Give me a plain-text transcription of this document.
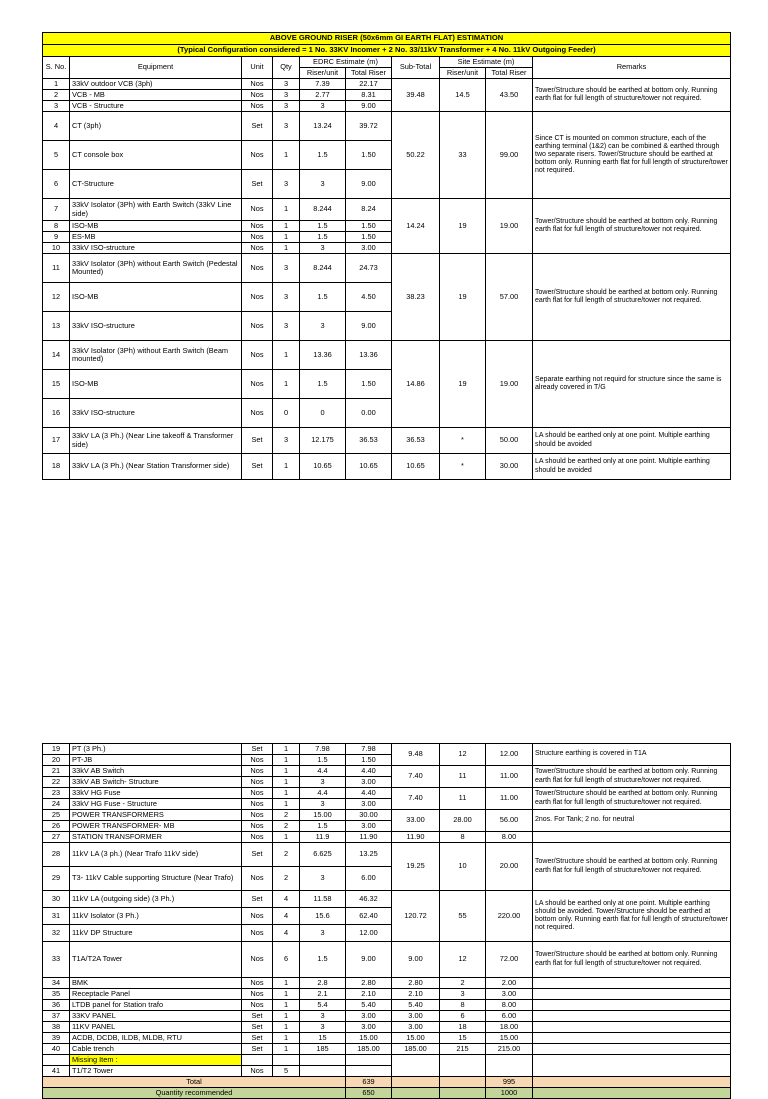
ABOVE GROUND RISER (50x6mm GI EARTH FLAT) ESTIMATION									
(Typical Configuration considered = 1 No. 33KV Incomer + 2 No. 33/11kV Transformer + 4 No. 11kV Outgoing Feeder)									
S. No.	Equipment	Unit	Qty	EDRC Estimate (m)		Sub-Total	Site Estimate (m)		Remarks
				Riser/unit	Total Riser		Riser/unit	Total Riser	
1	33kV outdoor VCB (3ph)	Nos	3	7.39	22.17	39.48	14.5	43.50	Tower/Structure should be earthed at bottom only. Running earth flat for full length of structure/tower not required.
2	VCB - MB	Nos	3	2.77	8.31				
3	VCB - Structure	Nos	3	3	9.00				
4	CT (3ph)	Set	3	13.24	39.72	50.22	33	99.00	Since CT is mounted on common structure, each of the earthing terminal (1&2) can be combined & earthed through two separate risers. Tower/Structure should be earthed at bottom only. Running earth flat for full length of structure/tower not required.
5	CT console box	Nos	1	1.5	1.50				
6	CT-Structure	Set	3	3	9.00				
7	33kV Isolator (3Ph) with Earth Switch (33kV Line side)	Nos	1	8.244	8.24	14.24	19	19.00	Tower/Structure should be earthed at bottom only. Running earth flat for full length of structure/tower not required.
8	ISO-MB	Nos	1	1.5	1.50				
9	ES-MB	Nos	1	1.5	1.50				
10	33kV ISO-structure	Nos	1	3	3.00				
11	33kV Isolator (3Ph) without Earth Switch (Pedestal Mounted)	Nos	3	8.244	24.73	38.23	19	57.00	Tower/Structure should be earthed at bottom only. Running earth flat for full length of structure/tower not required.
12	ISO-MB	Nos	3	1.5	4.50				
13	33kV ISO-structure	Nos	3	3	9.00				
14	33kV Isolator (3Ph) without Earth Switch (Beam mounted)	Nos	1	13.36	13.36	14.86	19	19.00	Separate earthing not requird for structure since the same is already covered in T/G
15	ISO-MB	Nos	1	1.5	1.50				
16	33kV ISO-structure	Nos	0	0	0.00				
17	33kV LA (3 Ph.) (Near Line takeoff & Transformer side)	Set	3	12.175	36.53	36.53	*	50.00	LA should be earthed only at one point. Multiple earthing should be avoided
18	33kV LA (3 Ph.) (Near Station Transformer side)	Set	1	10.65	10.65	10.65	*	30.00	LA should be earthed only at one point. Multiple earthing should be avoided
19	PT (3 Ph.)	Set	1	7.98	7.98	9.48	12	12.00	Structure earthing is covered in T1A
20	PT-JB	Nos	1	1.5	1.50				
21	33kV AB Switch	Nos	1	4.4	4.40	7.40	11	11.00	Tower/Structure should be earthed at bottom only. Running earth flat for full length of structure/tower not required.
22	33kV AB Switch- Structure	Nos	1	3	3.00				
23	33kV HG Fuse	Nos	1	4.4	4.40	7.40	11	11.00	Tower/Structure should be earthed at bottom only. Running earth flat for full length of structure/tower not required.
24	33kV HG Fuse - Structure	Nos	1	3	3.00				
25	POWER TRANSFORMERS	Nos	2	15.00	30.00	33.00	28.00	56.00	2nos. For Tank; 2 no. for neutral
26	POWER TRANSFORMER- MB	Nos	2	1.5	3.00				
27	STATION TRANSFORMER	Nos	1	11.9	11.90	11.90	8	8.00	
28	11kV LA (3 ph.) (Near Trafo 11kV side)	Set	2	6.625	13.25	19.25	10	20.00	Tower/Structure should be earthed at bottom only. Running earth flat for full length of structure/tower not required.
29	T3- 11kV Cable supporting Structure (Near Trafo)	Nos	2	3	6.00				
30	11kV LA (outgoing side) (3 Ph.)	Set	4	11.58	46.32	120.72	55	220.00	LA should be earthed only at one point. Multiple earthing should be avoided. Tower/Structure should be earthed at bottom only. Running earth flat for full length of structure/tower not required.
31	11kV Isolator (3 Ph.)	Nos	4	15.6	62.40				
32	11kV DP Structure	Nos	4	3	12.00				
33	T1A/T2A Tower	Nos	6	1.5	9.00	9.00	12	72.00	Tower/Structure should be earthed at bottom only. Running earth flat for full length of structure/tower not required.
34	BMK	Nos	1	2.8	2.80	2.80	2	2.00	
35	Receptacle Panel	Nos	1	2.1	2.10	2.10	3	3.00	
36	LTDB panel for Station trafo	Nos	1	5.4	5.40	5.40	8	8.00	
37	33KV PANEL	Set	1	3	3.00	3.00	6	6.00	
38	11KV PANEL	Set	1	3	3.00	3.00	18	18.00	
39	ACDB, DCDB, ILDB, MLDB, RTU	Set	1	15	15.00	15.00	15	15.00	
40	Cable trench	Set	1	185	185.00	185.00	215	215.00	
	Missing Item :								
41	T1/T2 Tower	Nos	5						
Total					639			995	
Quantity recommended					650			1000	
